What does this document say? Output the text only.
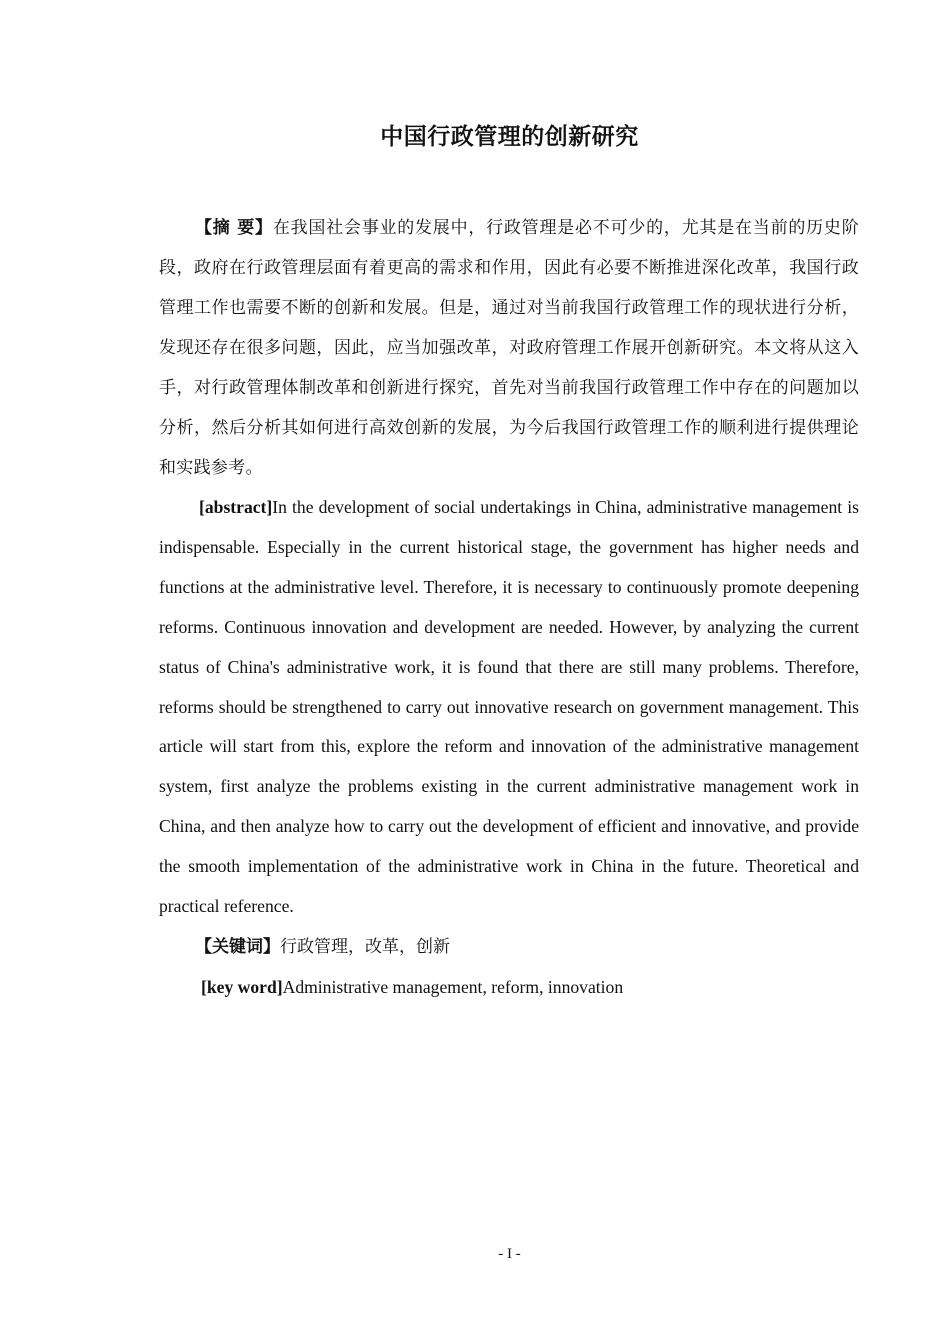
中国行政管理的创新研究

【摘 要】在我国社会事业的发展中，行政管理是必不可少的，尤其是在当前的历史阶段，政府在行政管理层面有着更高的需求和作用，因此有必要不断推进深化改革，我国行政管理工作也需要不断的创新和发展。但是，通过对当前我国行政管理工作的现状进行分析，发现还存在很多问题，因此，应当加强改革，对政府管理工作展开创新研究。本文将从这入手，对行政管理体制改革和创新进行探究，首先对当前我国行政管理工作中存在的问题加以分析，然后分析其如何进行高效创新的发展，为今后我国行政管理工作的顺利进行提供理论和实践参考。

[abstract]In the development of social undertakings in China, administrative management is indispensable. Especially in the current historical stage, the government has higher needs and functions at the administrative level. Therefore, it is necessary to continuously promote deepening reforms. Continuous innovation and development are needed. However, by analyzing the current status of China's administrative work, it is found that there are still many problems. Therefore, reforms should be strengthened to carry out innovative research on government management. This article will start from this, explore the reform and innovation of the administrative management system, first analyze the problems existing in the current administrative management work in China, and then analyze how to carry out the development of efficient and innovative, and provide the smooth implementation of the administrative work in China in the future. Theoretical and practical reference.

【关键词】行政管理，改革，创新

[key word]Administrative management, reform, innovation

- I -
